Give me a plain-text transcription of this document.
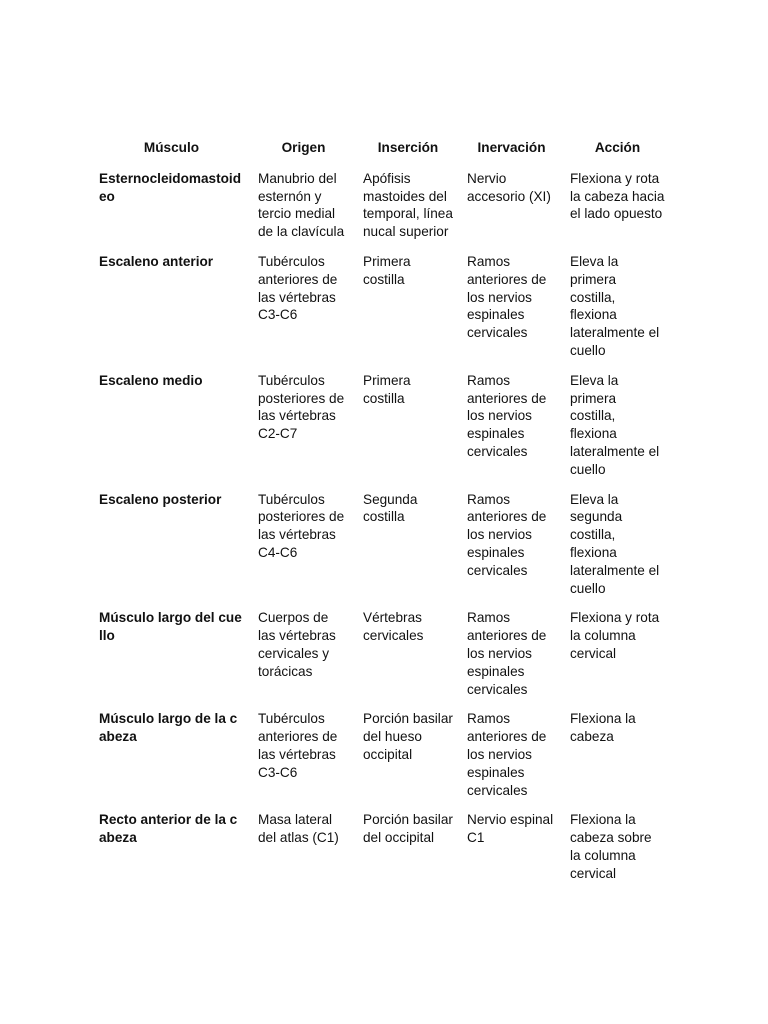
Músculo	Origen	Inserción	Inervación	Acción
Esternocleidomastoideo	Manubrio del esternón y tercio medial de la clavícula	Apófisis mastoides del temporal, línea nucal superior	Nervio accesorio (XI)	Flexiona y rota la cabeza hacia el lado opuesto
Escaleno anterior	Tubérculos anteriores de las vértebras C3-C6	Primera costilla	Ramos anteriores de los nervios espinales cervicales	Eleva la primera costilla, flexiona lateralmente el cuello
Escaleno medio	Tubérculos posteriores de las vértebras C2-C7	Primera costilla	Ramos anteriores de los nervios espinales cervicales	Eleva la primera costilla, flexiona lateralmente el cuello
Escaleno posterior	Tubérculos posteriores de las vértebras C4-C6	Segunda costilla	Ramos anteriores de los nervios espinales cervicales	Eleva la segunda costilla, flexiona lateralmente el cuello
Músculo largo del cuello	Cuerpos de las vértebras cervicales y torácicas	Vértebras cervicales	Ramos anteriores de los nervios espinales cervicales	Flexiona y rota la columna cervical
Músculo largo de la cabeza	Tubérculos anteriores de las vértebras C3-C6	Porción basilar del hueso occipital	Ramos anteriores de los nervios espinales cervicales	Flexiona la cabeza
Recto anterior de la cabeza	Masa lateral del atlas (C1)	Porción basilar del occipital	Nervio espinal C1	Flexiona la cabeza sobre la columna cervical
